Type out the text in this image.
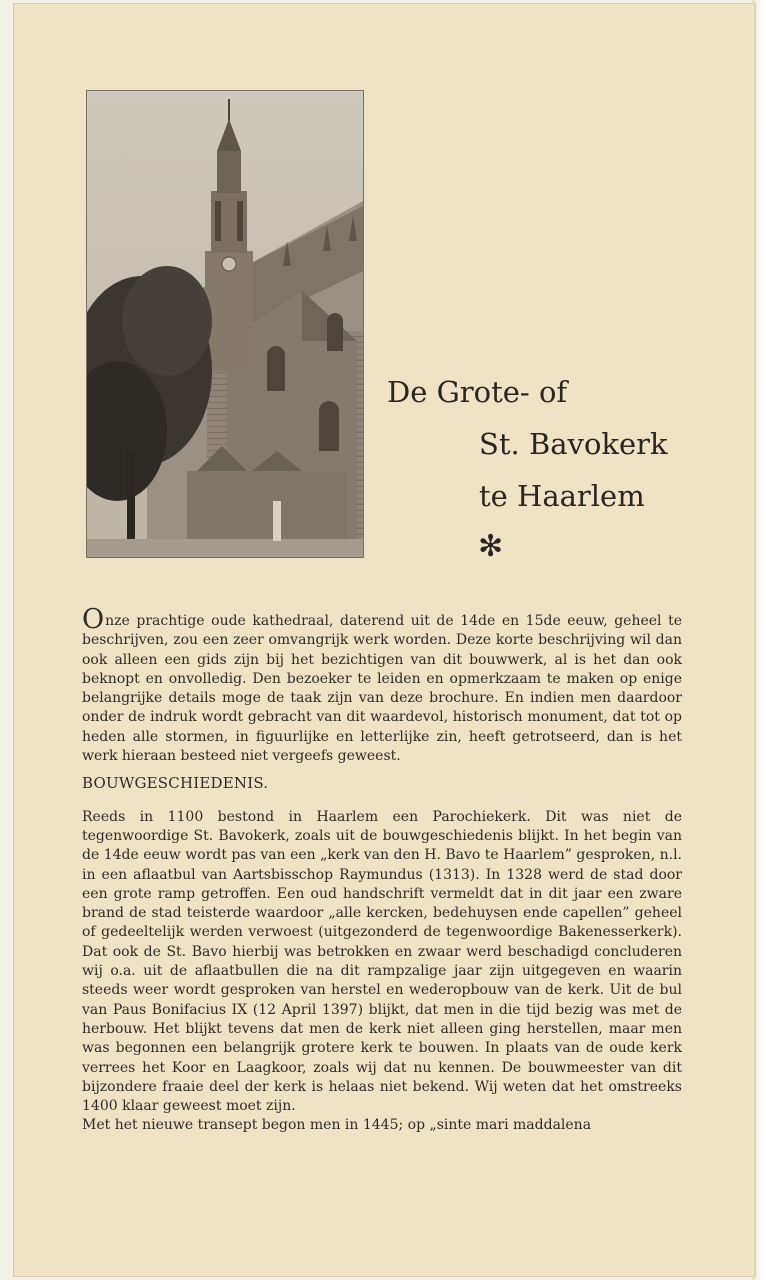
De Grote- of
St. Bavokerk
te Haarlem
✻

Onze prachtige oude kathedraal, daterend uit de 14de en 15de eeuw, geheel te beschrijven, zou een zeer omvangrijk werk worden. Deze korte beschrijving wil dan ook alleen een gids zijn bij het bezichtigen van dit bouwwerk, al is het dan ook beknopt en onvolledig. Den bezoeker te leiden en opmerkzaam te maken op enige belangrijke details moge de taak zijn van deze brochure. En indien men daardoor onder de indruk wordt gebracht van dit waardevol, historisch monument, dat tot op heden alle stormen, in figuurlijke en letterlijke zin, heeft getrotseerd, dan is het werk hieraan besteed niet vergeefs geweest.

BOUWGESCHIEDENIS.

Reeds in 1100 bestond in Haarlem een Parochiekerk. Dit was niet de tegenwoordige St. Bavokerk, zoals uit de bouwgeschiedenis blijkt. In het begin van de 14de eeuw wordt pas van een „kerk van den H. Bavo te Haarlem” gesproken, n.l. in een aflaatbul van Aartsbisschop Raymundus (1313). In 1328 werd de stad door een grote ramp getroffen. Een oud handschrift vermeldt dat in dit jaar een zware brand de stad teisterde waardoor „alle kercken, bedehuysen ende capellen” geheel of gedeeltelijk werden verwoest (uitgezonderd de tegenwoordige Bakenesserkerk). Dat ook de St. Bavo hierbij was betrokken en zwaar werd beschadigd concluderen wij o.a. uit de aflaatbullen die na dit rampzalige jaar zijn uitgegeven en waarin steeds weer wordt gesproken van herstel en wederopbouw van de kerk. Uit de bul van Paus Bonifacius IX (12 April 1397) blijkt, dat men in die tijd bezig was met de herbouw. Het blijkt tevens dat men de kerk niet alleen ging herstellen, maar men was begonnen een belangrijk grotere kerk te bouwen. In plaats van de oude kerk verrees het Koor en Laagkoor, zoals wij dat nu kennen. De bouwmeester van dit bijzondere fraaie deel der kerk is helaas niet bekend. Wij weten dat het omstreeks 1400 klaar geweest moet zijn.

Met het nieuwe transept begon men in 1445; op „sinte mari maddalena
